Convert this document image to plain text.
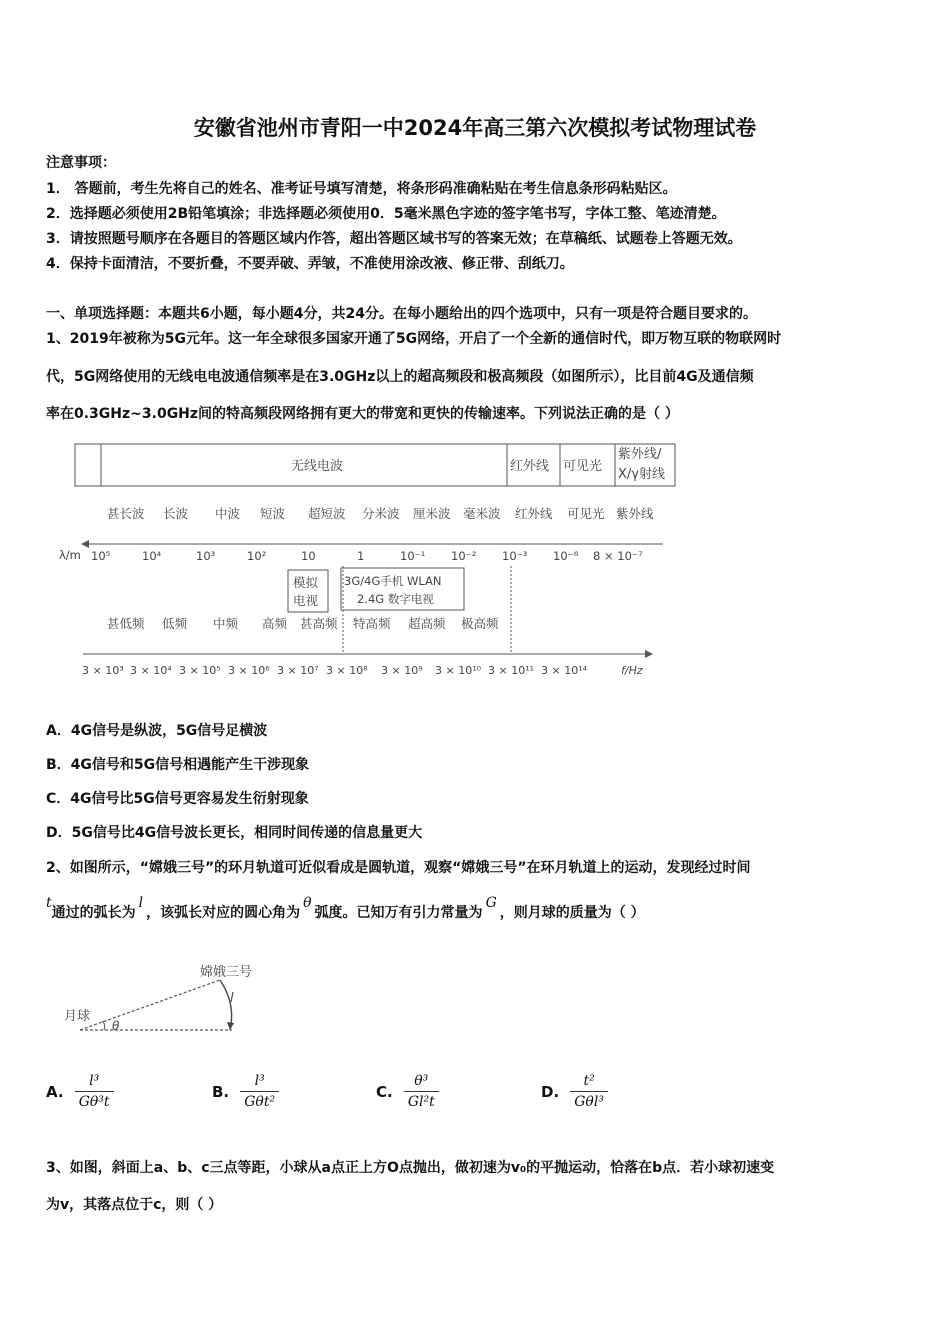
安徽省池州市青阳一中2024年高三第六次模拟考试物理试卷
注意事项：
1． 答题前，考生先将自己的姓名、准考证号填写清楚，将条形码准确粘贴在考生信息条形码粘贴区。
2．选择题必须使用2B铅笔填涂；非选择题必须使用0．5毫米黑色字迹的签字笔书写，字体工整、笔迹清楚。
3．请按照题号顺序在各题目的答题区域内作答，超出答题区域书写的答案无效；在草稿纸、试题卷上答题无效。
4．保持卡面清洁，不要折叠，不要弄破、弄皱，不准使用涂改液、修正带、刮纸刀。
一、单项选择题：本题共6小题，每小题4分，共24分。在每小题给出的四个选项中，只有一项是符合题目要求的。
1、2019年被称为5G元年。这一年全球很多国家开通了5G网络，开启了一个全新的通信时代，即万物互联的物联网时
代，5G网络使用的无线电电波通信频率是在3.0GHz以上的超高频段和极高频段（如图所示），比目前4G及通信频
率在0.3GHz~3.0GHz间的特高频段网络拥有更大的带宽和更快的传输速率。下列说法正确的是（ ）
无线电波	红外线 可见光
紫外线/
X/γ射线
甚长波 长波 中波 短波 超短波 分米波 厘米波 毫米波 红外线 可见光 紫外线
λ/m 10⁵	10⁴	10³	10²	10	1	10⁻¹ 10⁻² 10⁻³ 10⁻⁶ 8 × 10⁻⁷
模拟
电视
3G/4G手机 WLAN
2.4G 数字电视
甚低频 低频 中频 高频 甚高频 特高频 超高频 极高频
3 × 10³ 3 × 10⁴ 3 × 10⁵ 3 × 10⁶ 3 × 10⁷ 3 × 10⁸ 3 × 10⁹ 3 × 10¹⁰ 3 × 10¹¹ 3 × 10¹⁴	f/Hz
A．4G信号是纵波，5G信号足横波
B．4G信号和5G信号相遇能产生干涉现象
C．4G信号比5G信号更容易发生衍射现象
D．5G信号比4G信号波长更长，相同时间传递的信息量更大
2、如图所示，“嫦娥三号”的环月轨道可近似看成是圆轨道，观察“嫦娥三号”在环月轨道上的运动，发现经过时间
t通过的弧长为l，该弧长对应的圆心角为θ弧度。已知万有引力常量为G，则月球的质量为（ ）
月球
嫦娥三号
l
θ
A. $\frac{\text{l³}}{\text{Gθ³t}}$	B. $\frac{\text{l³}}{\text{Gθt²}}$	C. $\frac{\text{θ³}}{\text{Gl²t}}$	D. $\frac{\text{t²}}{\text{Gθl³}}$
3、如图，斜面上a、b、c三点等距，小球从a点正上方O点抛出，做初速为v₀的平抛运动，恰落在b点．若小球初速变
为v，其落点位于c，则（ ）
